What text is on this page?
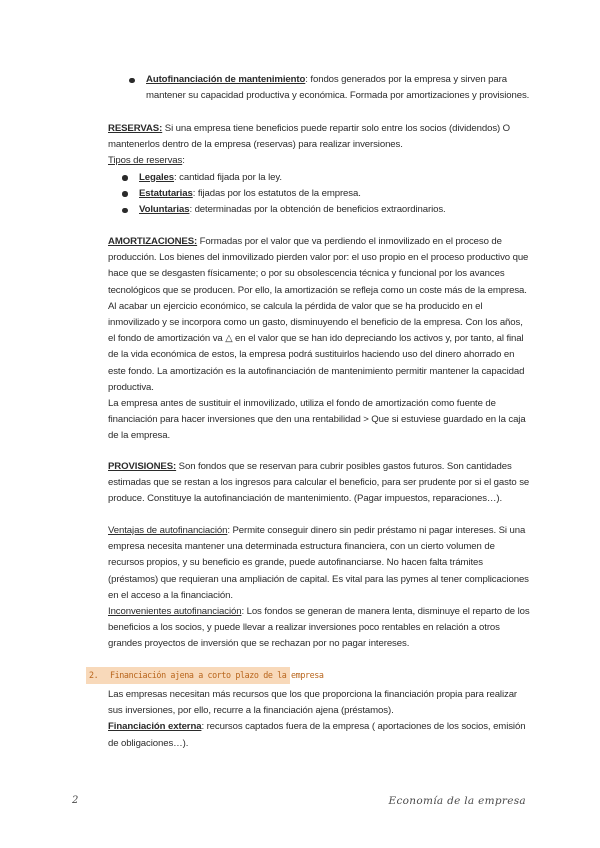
Autofinanciación de mantenimiento: fondos generados por la empresa y sirven para mantener su capacidad productiva y económica. Formada por amortizaciones y provisiones.

RESERVAS: Si una empresa tiene beneficios puede repartir solo entre los socios (dividendos) O mantenerlos dentro de la empresa (reservas) para realizar inversiones.

Tipos de reservas:

Legales: cantidad fijada por la ley.
Estatutarias: fijadas por los estatutos de la empresa.
Voluntarias: determinadas por la obtención de beneficios extraordinarios.

AMORTIZACIONES: Formadas por el valor que va perdiendo el inmovilizado en el proceso de producción. Los bienes del inmovilizado pierden valor por: el uso propio en el proceso productivo que hace que se desgasten físicamente; o por su obsolescencia técnica y funcional por los avances tecnológicos que se producen. Por ello, la amortización se refleja como un coste más de la empresa. Al acabar un ejercicio económico, se calcula la pérdida de valor que se ha producido en el inmovilizado y se incorpora como un gasto, disminuyendo el beneficio de la empresa. Con los años, el fondo de amortización va △ en el valor que se han ido depreciando los activos y, por tanto, al final de la vida económica de estos, la empresa podrá sustituirlos haciendo uso del dinero ahorrado en este fondo. La amortización es la autofinanciación de mantenimiento permitir mantener la capacidad productiva.

La empresa antes de sustituir el inmovilizado, utiliza el fondo de amortización como fuente de financiación para hacer inversiones que den una rentabilidad > Que si estuviese guardado en la caja de la empresa.

PROVISIONES: Son fondos que se reservan para cubrir posibles gastos futuros. Son cantidades estimadas que se restan a los ingresos para calcular el beneficio, para ser prudente por si el gasto se produce. Constituye la autofinanciación de mantenimiento. (Pagar impuestos, reparaciones…).

Ventajas de autofinanciación: Permite conseguir dinero sin pedir préstamo ni pagar intereses. Si una empresa necesita mantener una determinada estructura financiera, con un cierto volumen de recursos propios, y su beneficio es grande, puede autofinanciarse. No hacen falta trámites (préstamos) que requieran una ampliación de capital. Es vital para las pymes al tener complicaciones en el acceso a la financiación.

Inconvenientes autofinanciación: Los fondos se generan de manera lenta, disminuye el reparto de los beneficios a los socios, y puede llevar a realizar inversiones poco rentables en relación a otros grandes proyectos de inversión que se rechazan por no pagar intereses.

2. Financiación ajena a corto plazo de la empresa

Las empresas necesitan más recursos que los que proporciona la financiación propia para realizar sus inversiones, por ello, recurre a la financiación ajena (préstamos).

Financiación externa: recursos captados fuera de la empresa ( aportaciones de los socios, emisión de obligaciones…).

2	Economía de la empresa
